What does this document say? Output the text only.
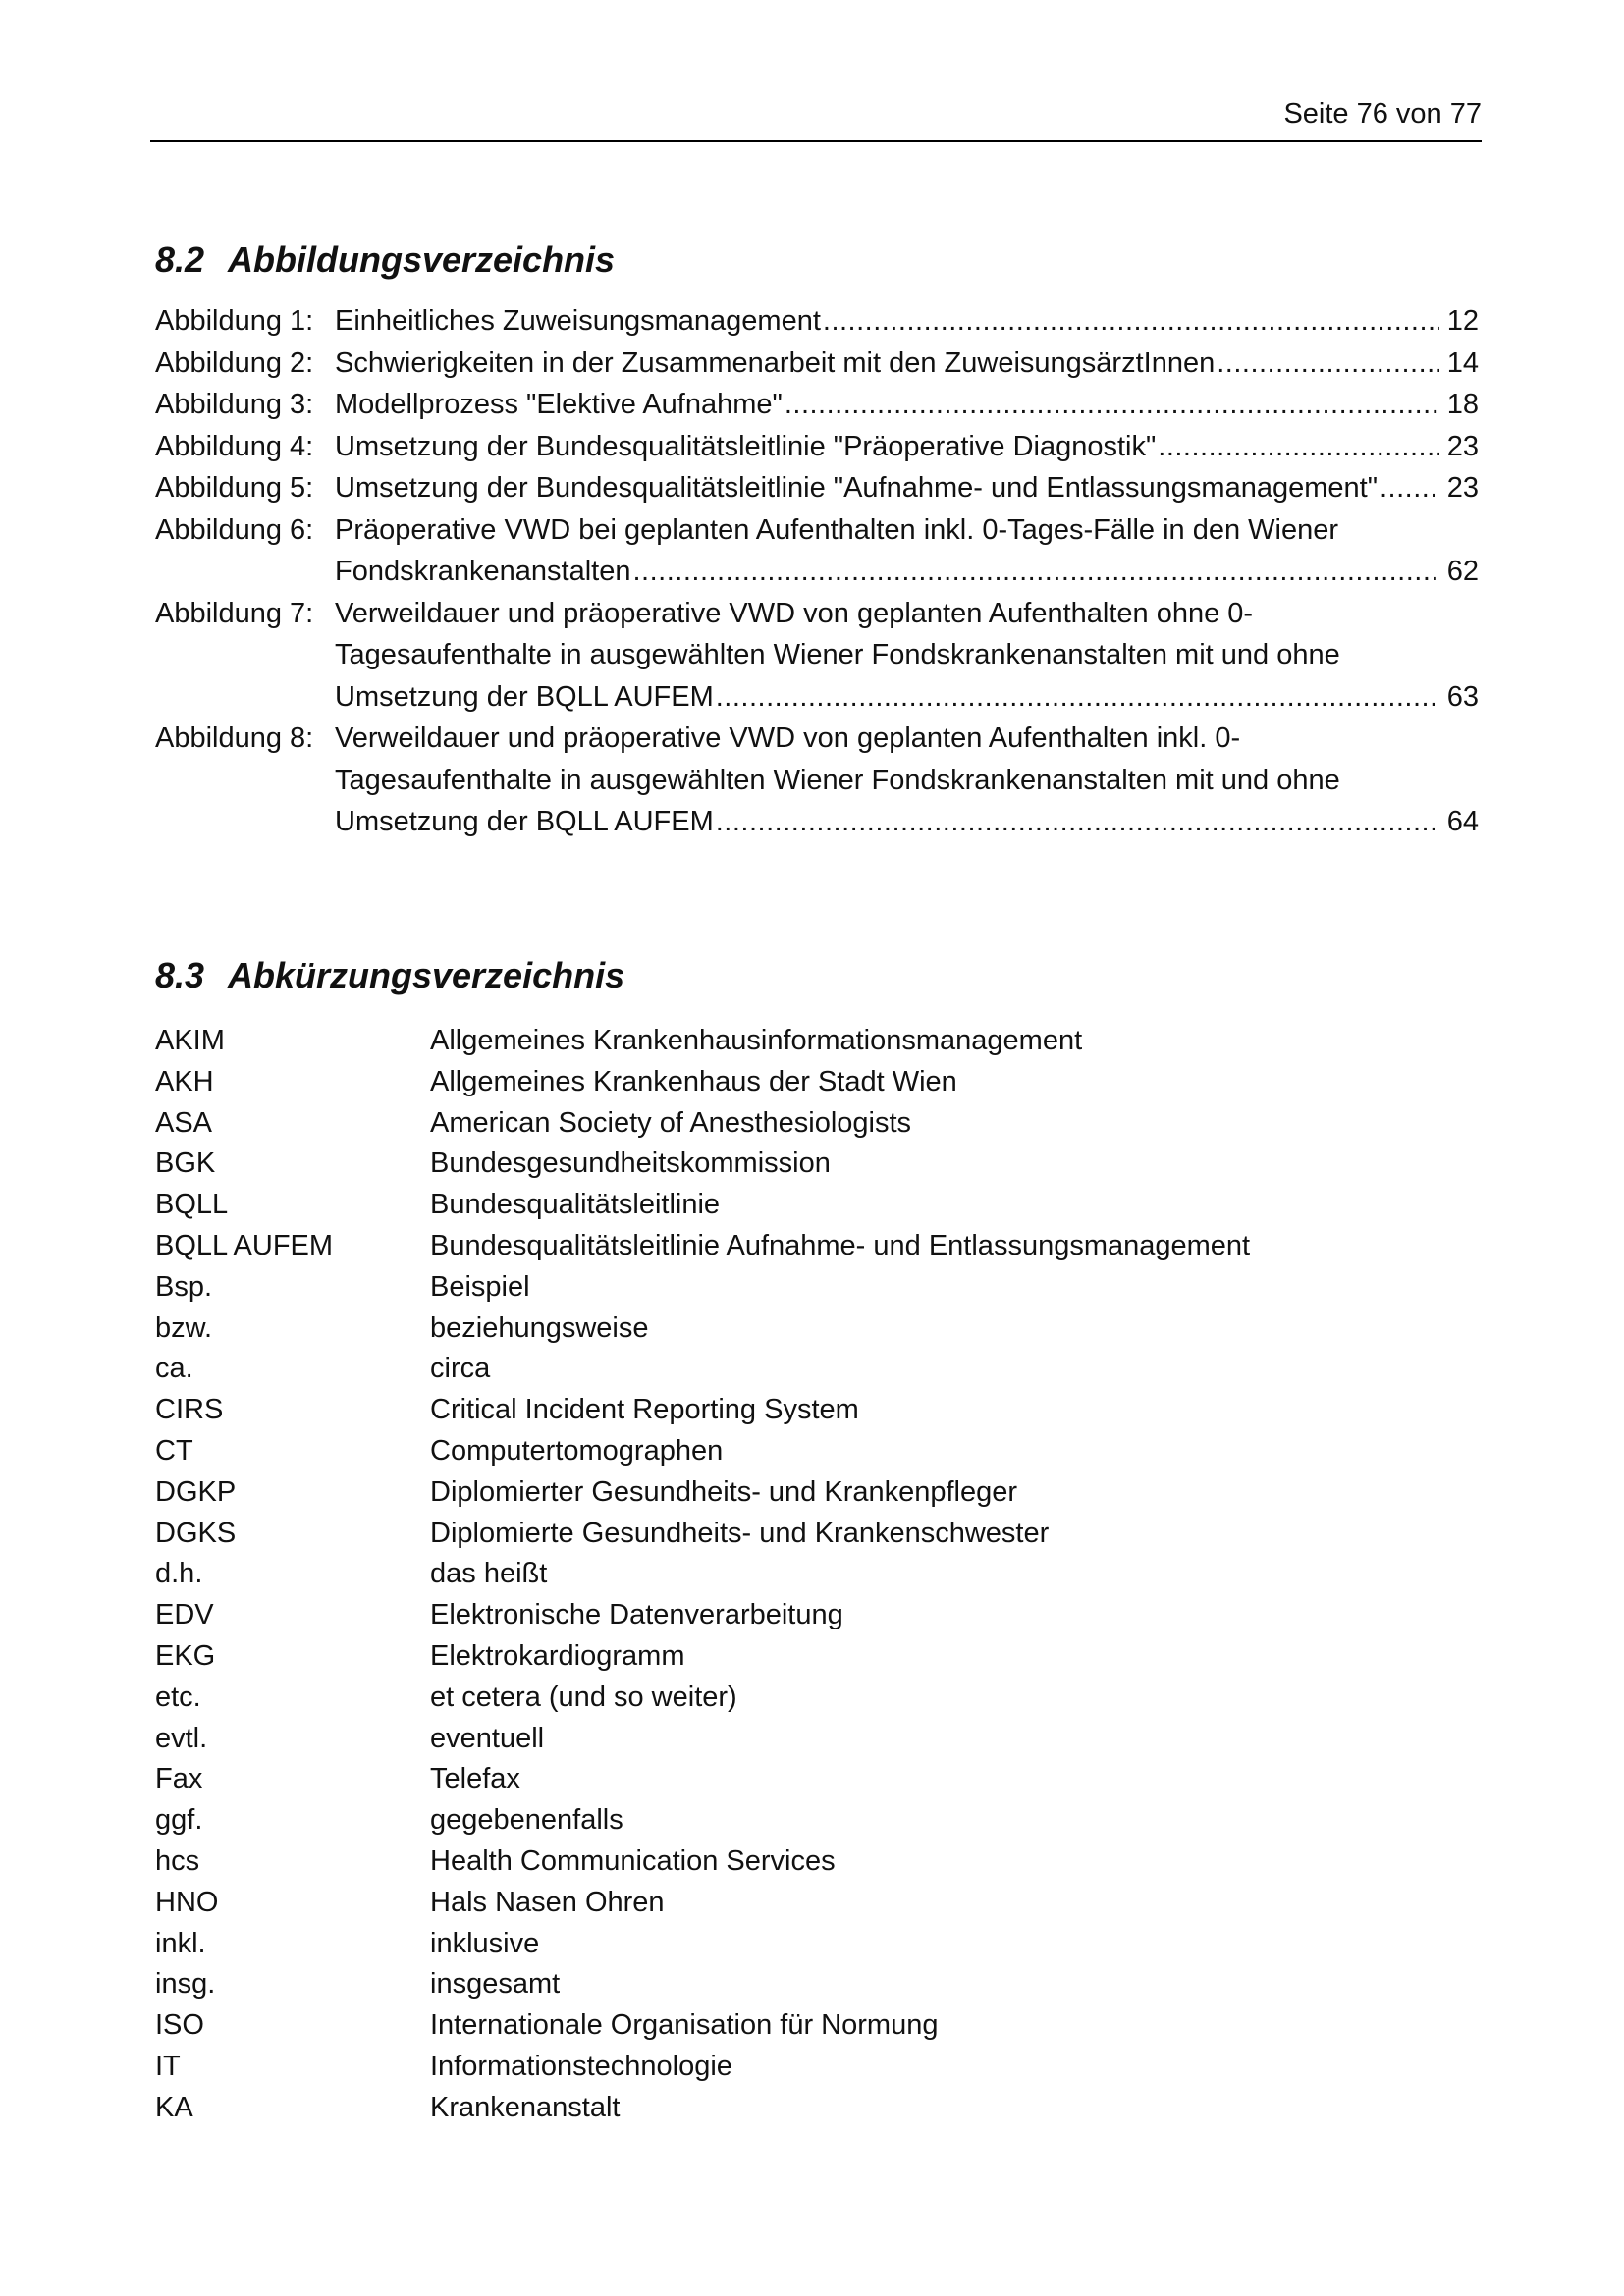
Seite 76 von 77
8.2 Abbildungsverzeichnis
Abbildung 1: Einheitliches Zuweisungsmanagement .....	12
Abbildung 2: Schwierigkeiten in der Zusammenarbeit mit den ZuweisungsärztInnen .....	14
Abbildung 3: Modellprozess "Elektive Aufnahme" .....	18
Abbildung 4: Umsetzung der Bundesqualitätsleitlinie "Präoperative Diagnostik" .....	23
Abbildung 5: Umsetzung der Bundesqualitätsleitlinie "Aufnahme- und Entlassungsmanagement" ..... 23
Abbildung 6: Präoperative VWD bei geplanten Aufenthalten inkl. 0-Tages-Fälle in den Wiener
Fondskrankenanstalten .....	62
Abbildung 7: Verweildauer und präoperative VWD von geplanten Aufenthalten ohne 0-
Tagesaufenthalte in ausgewählten Wiener Fondskrankenanstalten mit und ohne
Umsetzung der BQLL AUFEM .....	63
Abbildung 8: Verweildauer und präoperative VWD von geplanten Aufenthalten inkl. 0-
Tagesaufenthalte in ausgewählten Wiener Fondskrankenanstalten mit und ohne
Umsetzung der BQLL AUFEM .....	64
8.3 Abkürzungsverzeichnis
AKIM	Allgemeines Krankenhausinformationsmanagement
AKH	Allgemeines Krankenhaus der Stadt Wien
ASA	American Society of Anesthesiologists
BGK	Bundesgesundheitskommission
BQLL	Bundesqualitätsleitlinie
BQLL AUFEM	Bundesqualitätsleitlinie Aufnahme- und Entlassungsmanagement
Bsp.	Beispiel
bzw.	beziehungsweise
ca.	circa
CIRS	Critical Incident Reporting System
CT	Computertomographen
DGKP	Diplomierter Gesundheits- und Krankenpfleger
DGKS	Diplomierte Gesundheits- und Krankenschwester
d.h.	das heißt
EDV	Elektronische Datenverarbeitung
EKG	Elektrokardiogramm
etc.	et cetera (und so weiter)
evtl.	eventuell
Fax	Telefax
ggf.	gegebenenfalls
hcs	Health Communication Services
HNO	Hals Nasen Ohren
inkl.	inklusive
insg.	insgesamt
ISO	Internationale Organisation für Normung
IT	Informationstechnologie
KA	Krankenanstalt
